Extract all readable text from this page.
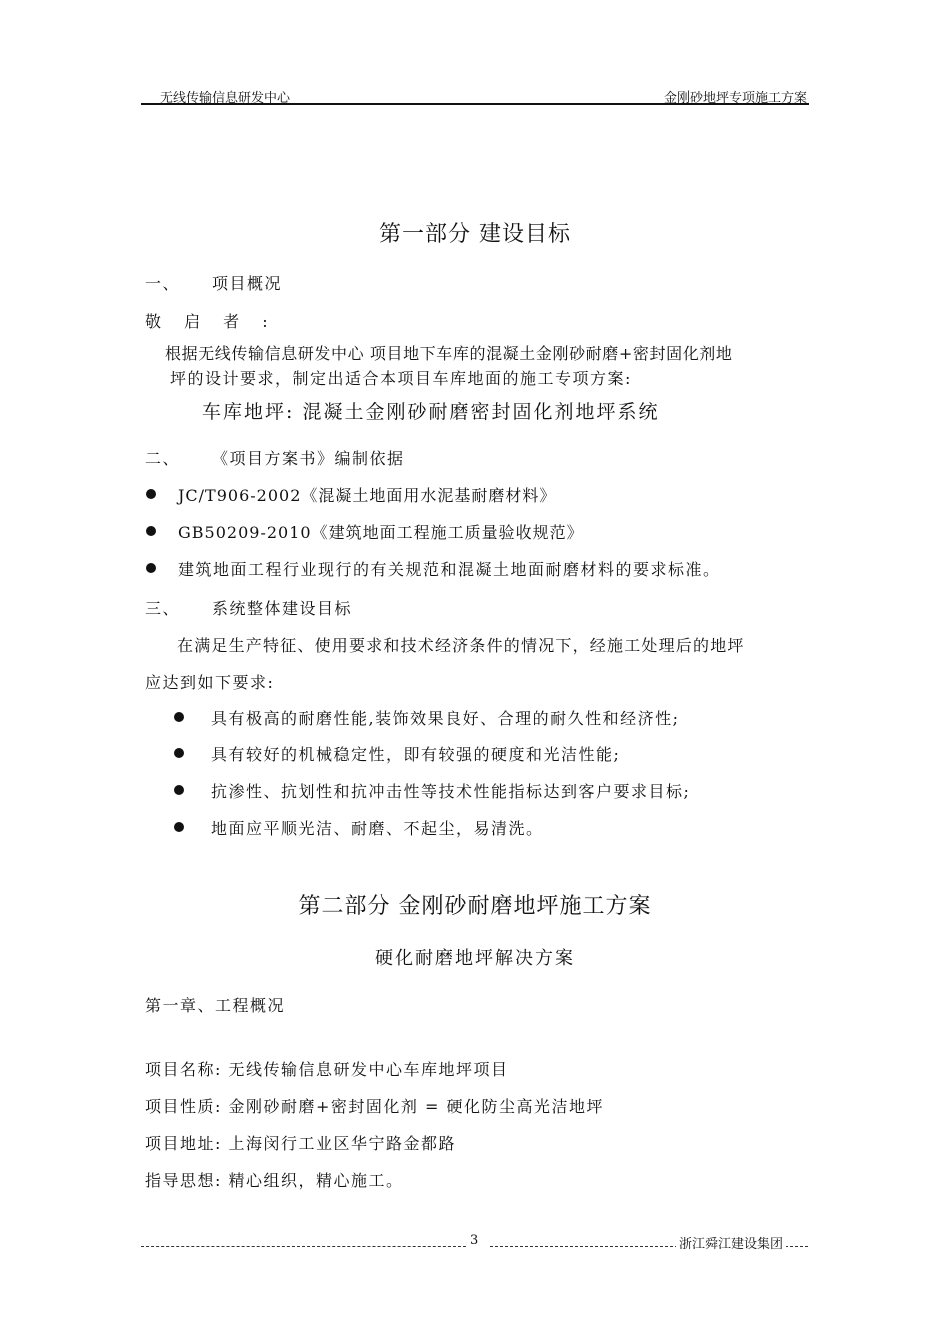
无线传输信息研发中心	金刚砂地坪专项施工方案
第一部分 建设目标
一、 项目概况
敬 启 者 :
根据无线传输信息研发中心 项目地下车库的混凝土金刚砂耐磨+密封固化剂地
坪的设计要求，制定出适合本项目车库地面的施工专项方案:
车库地坪: 混凝土金刚砂耐磨密封固化剂地坪系统
二、 《项目方案书》编制依据
JC/T906-2002《混凝土地面用水泥基耐磨材料》
GB50209-2010《建筑地面工程施工质量验收规范》
建筑地面工程行业现行的有关规范和混凝土地面耐磨材料的要求标准。
三、 系统整体建设目标
在满足生产特征、使用要求和技术经济条件的情况下，经施工处理后的地坪
应达到如下要求:
具有极高的耐磨性能,装饰效果良好、合理的耐久性和经济性;
具有较好的机械稳定性，即有较强的硬度和光洁性能;
抗渗性、抗划性和抗冲击性等技术性能指标达到客户要求目标;
地面应平顺光洁、耐磨、不起尘，易清洗。
第二部分 金刚砂耐磨地坪施工方案
硬化耐磨地坪解决方案
第一章、工程概况
项目名称: 无线传输信息研发中心车库地坪项目
项目性质: 金刚砂耐磨+密封固化剂 = 硬化防尘高光洁地坪
项目地址: 上海闵行工业区华宁路金都路
指导思想: 精心组织，精心施工。
3	浙江舜江建设集团
